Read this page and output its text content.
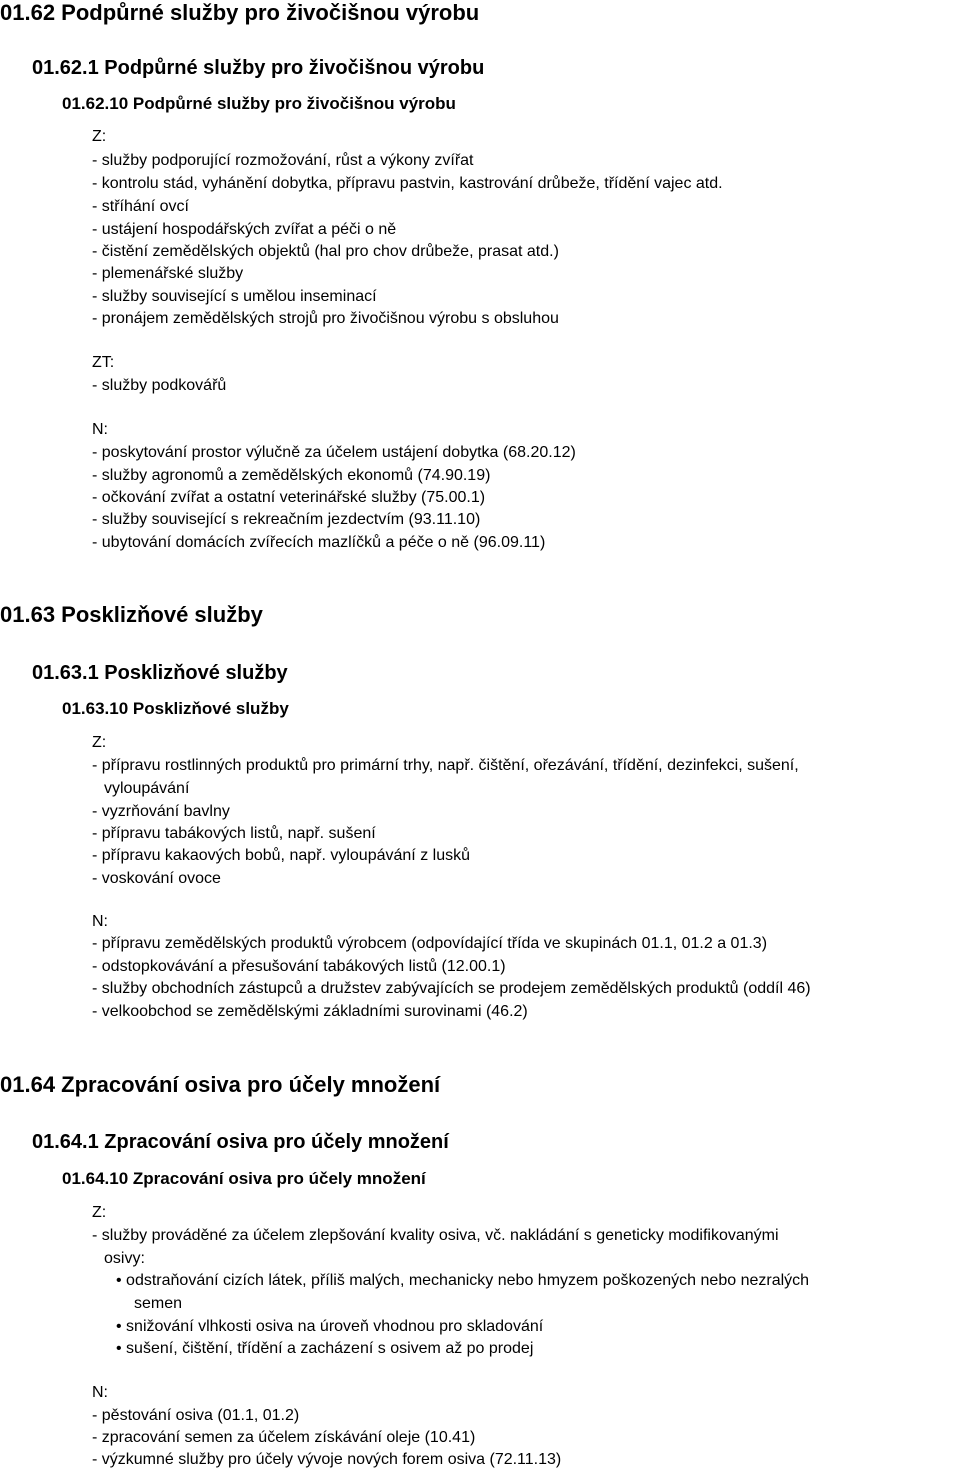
01.62 Podpůrné služby pro živočišnou výrobu
01.62.1 Podpůrné služby pro živočišnou výrobu
01.62.10 Podpůrné služby pro živočišnou výrobu
Z:
- služby podporující rozmožování, růst a výkony zvířat
- kontrolu stád, vyhánění dobytka, přípravu pastvin, kastrování drůbeže, třídění vajec atd.
- stříhání ovcí
- ustájení hospodářských zvířat a péči o ně
- čistění zemědělských objektů (hal pro chov drůbeže, prasat atd.)
- plemenářské služby
- služby související s umělou inseminací
- pronájem zemědělských strojů pro živočišnou výrobu s obsluhou
ZT:
- služby podkovářů
N:
- poskytování prostor výlučně za účelem ustájení dobytka (68.20.12)
- služby agronomů a zemědělských ekonomů (74.90.19)
- očkování zvířat a ostatní veterinářské služby (75.00.1)
- služby související s rekreačním jezdectvím (93.11.10)
- ubytování domácích zvířecích mazlíčků a péče o ně (96.09.11)
01.63 Posklizňové služby
01.63.1 Posklizňové služby
01.63.10 Posklizňové služby
Z:
- přípravu rostlinných produktů pro primární trhy, např. čištění, ořezávání, třídění, dezinfekci, sušení,
vyloupávání
- vyzrňování bavlny
- přípravu tabákových listů, např. sušení
- přípravu kakaových bobů, např. vyloupávání z lusků
- voskování ovoce
N:
- přípravu zemědělských produktů výrobcem (odpovídající třída ve skupinách 01.1, 01.2 a 01.3)
- odstopkovávání a přesušování tabákových listů (12.00.1)
- služby obchodních zástupců a družstev zabývajících se prodejem zemědělských produktů (oddíl 46)
- velkoobchod se zemědělskými základními surovinami (46.2)
01.64 Zpracování osiva pro účely množení
01.64.1 Zpracování osiva pro účely množení
01.64.10 Zpracování osiva pro účely množení
Z:
- služby prováděné za účelem zlepšování kvality osiva, vč. nakládání s geneticky modifikovanými
osivy:
• odstraňování cizích látek, příliš malých, mechanicky nebo hmyzem poškozených nebo nezralých
semen
• snižování vlhkosti osiva na úroveň vhodnou pro skladování
• sušení, čištění, třídění a zacházení s osivem až po prodej
N:
- pěstování osiva (01.1, 01.2)
- zpracování semen za účelem získávání oleje (10.41)
- výzkumné služby pro účely vývoje nových forem osiva (72.11.13)
